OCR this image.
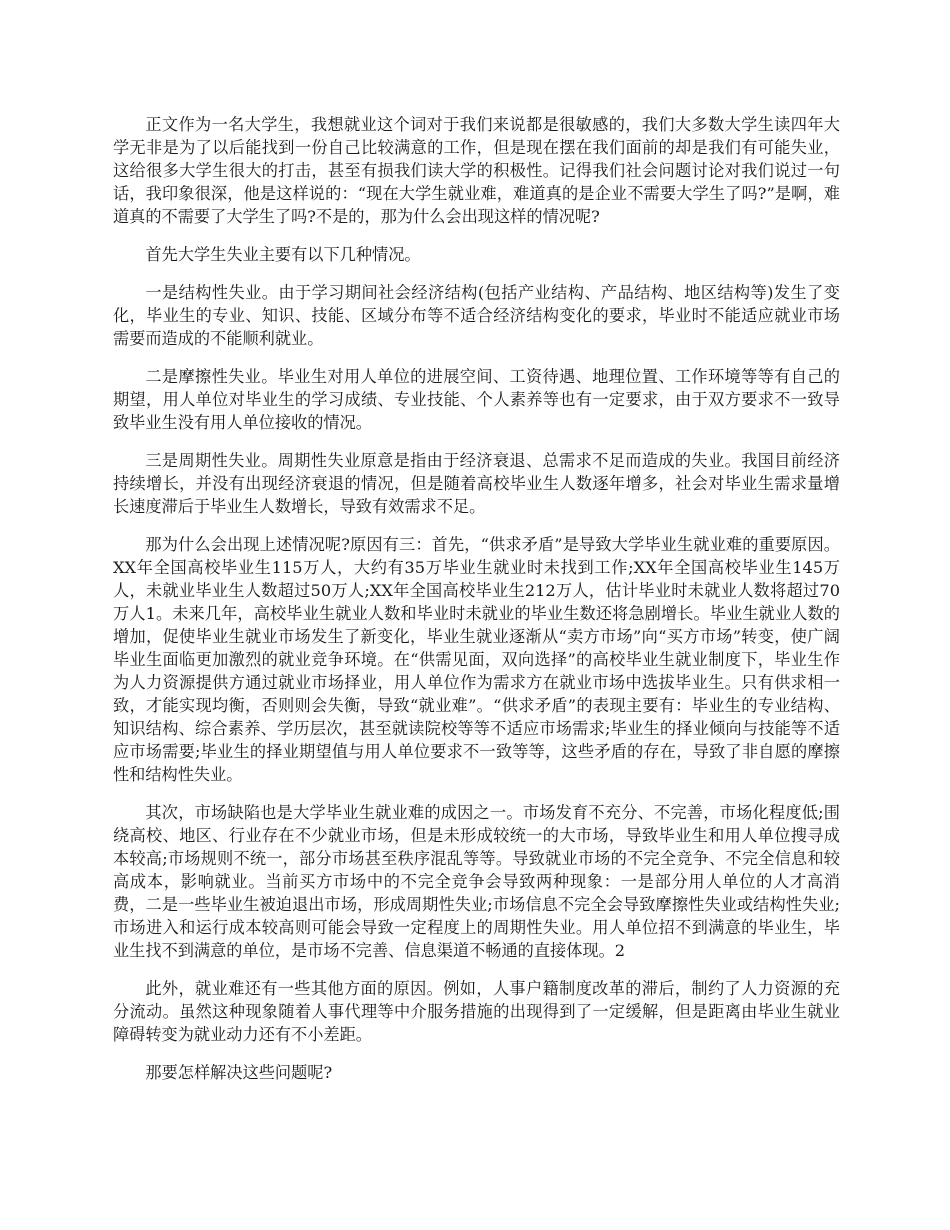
正文作为一名大学生，我想就业这个词对于我们来说都是很敏感的，我们大多数大学生读四年大学无非是为了以后能找到一份自己比较满意的工作，但是现在摆在我们面前的却是我们有可能失业，这给很多大学生很大的打击，甚至有损我们读大学的积极性。记得我们社会问题讨论对我们说过一句话，我印象很深，他是这样说的：“现在大学生就业难，难道真的是企业不需要大学生了吗?”是啊，难道真的不需要了大学生了吗?不是的，那为什么会出现这样的情况呢?

首先大学生失业主要有以下几种情况。

一是结构性失业。由于学习期间社会经济结构(包括产业结构、产品结构、地区结构等)发生了变化，毕业生的专业、知识、技能、区域分布等不适合经济结构变化的要求，毕业时不能适应就业市场需要而造成的不能顺利就业。

二是摩擦性失业。毕业生对用人单位的进展空间、工资待遇、地理位置、工作环境等等有自己的期望，用人单位对毕业生的学习成绩、专业技能、个人素养等也有一定要求，由于双方要求不一致导致毕业生没有用人单位接收的情况。

三是周期性失业。周期性失业原意是指由于经济衰退、总需求不足而造成的失业。我国目前经济持续增长，并没有出现经济衰退的情况，但是随着高校毕业生人数逐年增多，社会对毕业生需求量增长速度滞后于毕业生人数增长，导致有效需求不足。

那为什么会出现上述情况呢?原因有三：首先，“供求矛盾”是导致大学毕业生就业难的重要原因。XX年全国高校毕业生115万人，大约有35万毕业生就业时未找到工作;XX年全国高校毕业生145万人，未就业毕业生人数超过50万人;XX年全国高校毕业生212万人，估计毕业时未就业人数将超过70万人1。未来几年，高校毕业生就业人数和毕业时未就业的毕业生数还将急剧增长。毕业生就业人数的增加，促使毕业生就业市场发生了新变化，毕业生就业逐渐从“卖方市场”向“买方市场”转变，使广阔毕业生面临更加激烈的就业竞争环境。在“供需见面，双向选择”的高校毕业生就业制度下，毕业生作为人力资源提供方通过就业市场择业，用人单位作为需求方在就业市场中选拔毕业生。只有供求相一致，才能实现均衡，否则则会失衡，导致“就业难”。“供求矛盾”的表现主要有：毕业生的专业结构、知识结构、综合素养、学历层次，甚至就读院校等等不适应市场需求;毕业生的择业倾向与技能等不适应市场需要;毕业生的择业期望值与用人单位要求不一致等等，这些矛盾的存在，导致了非自愿的摩擦性和结构性失业。

其次，市场缺陷也是大学毕业生就业难的成因之一。市场发育不充分、不完善，市场化程度低;围绕高校、地区、行业存在不少就业市场，但是未形成较统一的大市场，导致毕业生和用人单位搜寻成本较高;市场规则不统一，部分市场甚至秩序混乱等等。导致就业市场的不完全竞争、不完全信息和较高成本，影响就业。当前买方市场中的不完全竞争会导致两种现象：一是部分用人单位的人才高消费，二是一些毕业生被迫退出市场，形成周期性失业;市场信息不完全会导致摩擦性失业或结构性失业;市场进入和运行成本较高则可能会导致一定程度上的周期性失业。用人单位招不到满意的毕业生，毕业生找不到满意的单位，是市场不完善、信息渠道不畅通的直接体现。2

此外，就业难还有一些其他方面的原因。例如，人事户籍制度改革的滞后，制约了人力资源的充分流动。虽然这种现象随着人事代理等中介服务措施的出现得到了一定缓解，但是距离由毕业生就业障碍转变为就业动力还有不小差距。

那要怎样解决这些问题呢?
